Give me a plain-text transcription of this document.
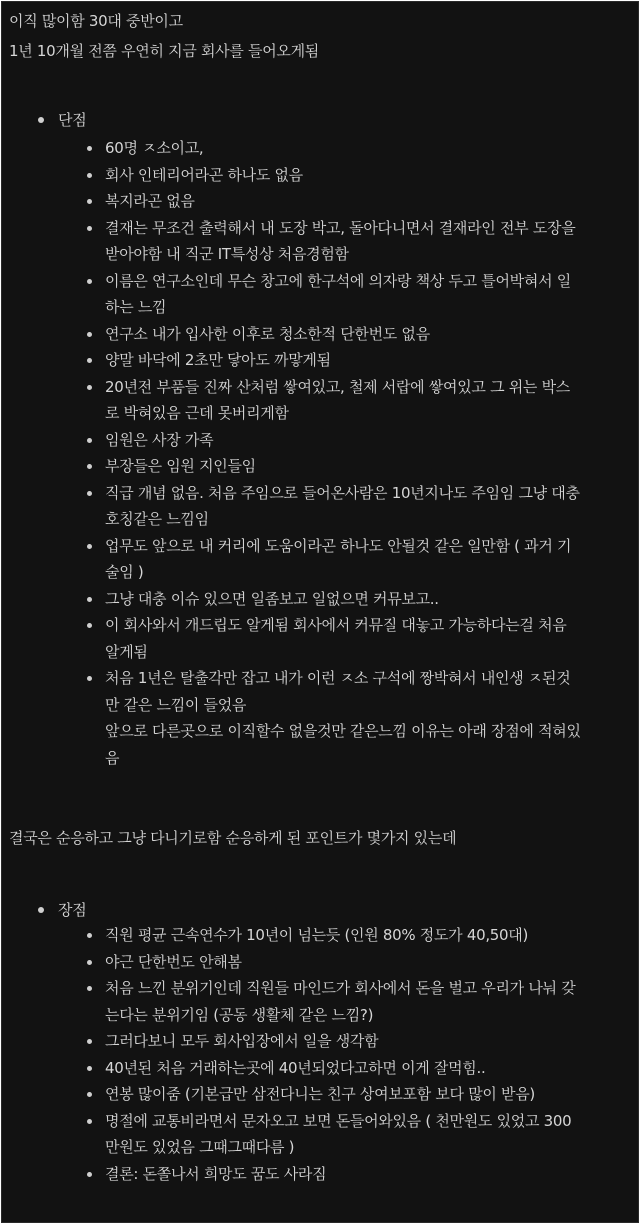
이직 많이함 30대 중반이고
1년 10개월 전쯤 우연히 지금 회사를 들어오게됨
단점
60명 ㅈ소이고,
회사 인테리어라곤 하나도 없음
복지라곤 없음
결재는 무조건 출력해서 내 도장 박고, 돌아다니면서 결재라인 전부 도장을
받아야함 내 직군 IT특성상 처음경험함
이름은 연구소인데 무슨 창고에 한구석에 의자랑 책상 두고 틀어박혀서 일
하는 느낌
연구소 내가 입사한 이후로 청소한적 단한번도 없음
양말 바닥에 2초만 닿아도 까맣게됨
20년전 부품들 진짜 산처럼 쌓여있고, 철제 서랍에 쌓여있고 그 위는 박스
로 박혀있음 근데 못버리게함
임원은 사장 가족
부장들은 임원 지인들임
직급 개념 없음. 처음 주임으로 들어온사람은 10년지나도 주임임 그냥 대충
호칭같은 느낌임
업무도 앞으로 내 커리에 도움이라곤 하나도 안될것 같은 일만함 ( 과거 기
술임 )
그냥 대충 이슈 있으면 일좀보고 일없으면 커뮤보고..
이 회사와서 개드립도 알게됨 회사에서 커뮤질 대놓고 가능하다는걸 처음
알게됨
처음 1년은 탈출각만 잡고 내가 이런 ㅈ소 구석에 짱박혀서 내인생 ㅈ된것
만 같은 느낌이 들었음
앞으로 다른곳으로 이직할수 없을것만 같은느낌 이유는 아래 장점에 적혀있
음
결국은 순응하고 그냥 다니기로함 순응하게 된 포인트가 몇가지 있는데
장점
직원 평균 근속연수가 10년이 넘는듯 (인원 80% 정도가 40,50대)
야근 단한번도 안해봄
처음 느낀 분위기인데 직원들 마인드가 회사에서 돈을 벌고 우리가 나눠 갖
는다는 분위기임 (공동 생활체 같은 느낌?)
그러다보니 모두 회사입장에서 일을 생각함
40년된 처음 거래하는곳에 40년되었다고하면 이게 잘먹힘..
연봉 많이줌 (기본급만 삼전다니는 친구 상여보포함 보다 많이 받음)
명절에 교통비라면서 문자오고 보면 돈들어와있음 ( 천만원도 있었고 300
만원도 있었음 그때그때다름 )
결론: 돈쫄나서 희망도 꿈도 사라짐
